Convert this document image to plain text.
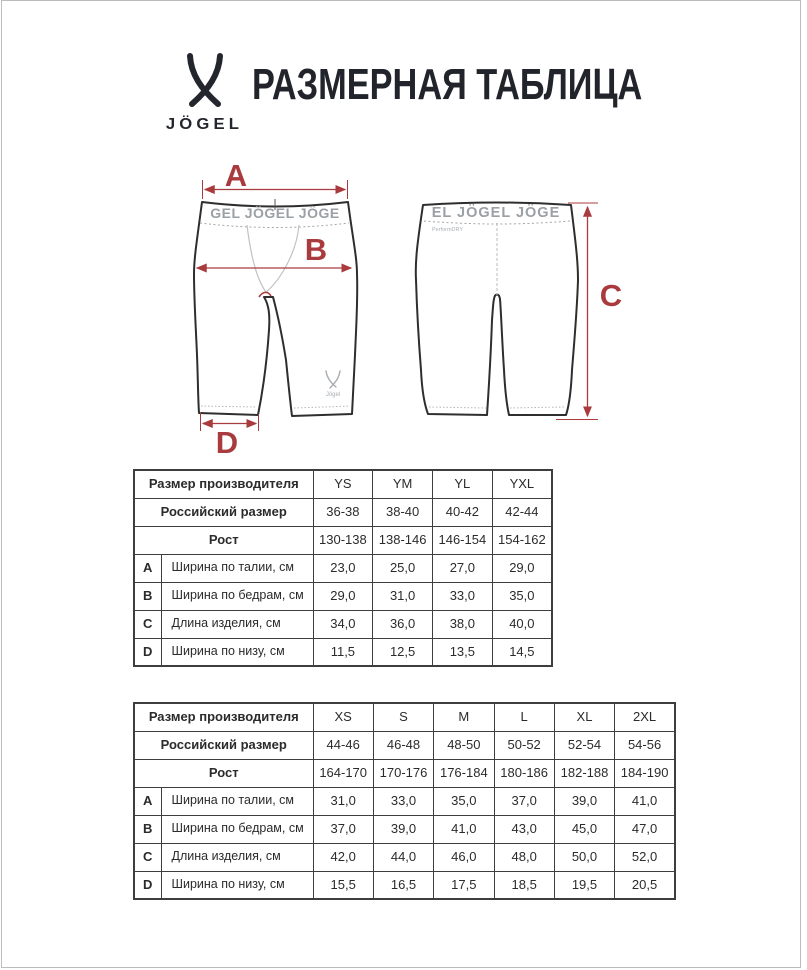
JÖGEL
РАЗМЕРНАЯ ТАБЛИЦА
GEL JÖGEL JÖGE
Jögel
A
B
D
EL JÖGEL JÖGE
PerformDRY
C
Размер производителя		YS	YM	YL	YXL
Российский размер		36-38	38-40	40-42	42-44
Рост		130-138	138-146	146-154	154-162
A	Ширина по талии, см	23,0	25,0	27,0	29,0
B	Ширина по бедрам, см	29,0	31,0	33,0	35,0
C	Длина изделия, см	34,0	36,0	38,0	40,0
D	Ширина по низу, см	11,5	12,5	13,5	14,5
Размер производителя		XS	S	M	L	XL	2XL
Российский размер		44-46	46-48	48-50	50-52	52-54	54-56
Рост		164-170	170-176	176-184	180-186	182-188	184-190
A	Ширина по талии, см	31,0	33,0	35,0	37,0	39,0	41,0
B	Ширина по бедрам, см	37,0	39,0	41,0	43,0	45,0	47,0
C	Длина изделия, см	42,0	44,0	46,0	48,0	50,0	52,0
D	Ширина по низу, см	15,5	16,5	17,5	18,5	19,5	20,5
